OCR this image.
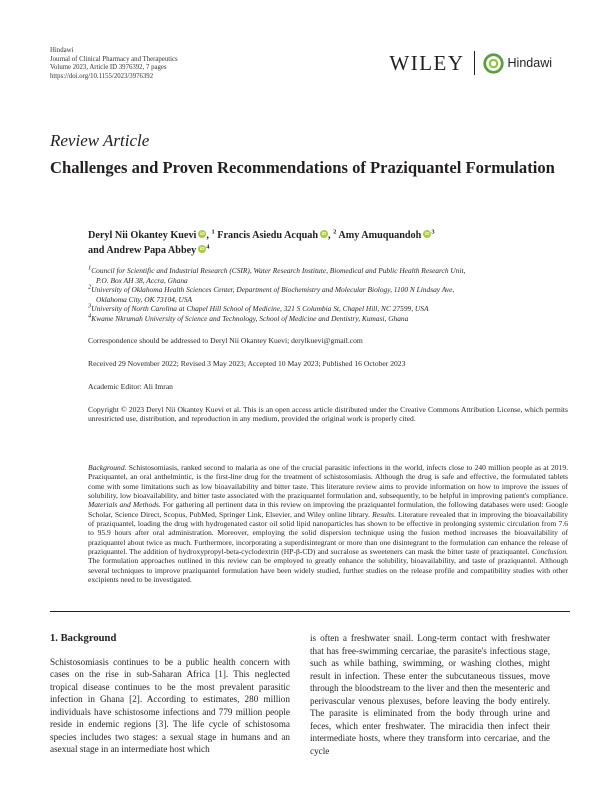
Hindawi
Journal of Clinical Pharmacy and Therapeutics
Volume 2023, Article ID 3976392, 7 pages
https://doi.org/10.1155/2023/3976392
WILEY	Hindawi
Review Article
Challenges and Proven Recommendations of Praziquantel Formulation
Deryl Nii Okantey Kuevi iD , $^1$ Francis Asiedu Acquah iD , $^2$ Amy Amuquandoh iD $^3$
and Andrew Papa Abbey iD $^4$
$^1$Council for Scientific and Industrial Research (CSIR), Water Research Institute, Biomedical and Public Health Research Unit,
P.O. Box AH 38, Accra, Ghana
$^2$University of Oklahoma Health Sciences Center, Department of Biochemistry and Molecular Biology, 1100 N Lindsay Ave,
Oklahoma City, OK 73104, USA
$^3$University of North Carolina at Chapel Hill School of Medicine, 321 S Columbia St, Chapel Hill, NC 27599, USA
$^4$Kwame Nkrumah University of Science and Technology, School of Medicine and Dentistry, Kumasi, Ghana
Correspondence should be addressed to Deryl Nii Okantey Kuevi; derylkuevi@gmail.com
Received 29 November 2022; Revised 3 May 2023; Accepted 10 May 2023; Published 16 October 2023
Academic Editor: Ali Imran
Copyright © 2023 Deryl Nii Okantey Kuevi et al. This is an open access article distributed under the Creative Commons Attribution License, which permits unrestricted use, distribution, and reproduction in any medium, provided the original work is properly cited.
Background. Schistosomiasis, ranked second to malaria as one of the crucial parasitic infections in the world, infects close to 240 million people as at 2019. Praziquantel, an oral anthelmintic, is the first-line drug for the treatment of schistosomiasis. Although the drug is safe and effective, the formulated tablets come with some limitations such as low bioavailability and bitter taste. This literature review aims to provide information on how to improve the issues of solubility, low bioavailability, and bitter taste associated with the praziquantel formulation and, subsequently, to be helpful in improving patient's compliance. Materials and Methods. For gathering all pertinent data in this review on improving the praziquantel formulation, the following databases were used: Google Scholar, Science Direct, Scopus, PubMed, Springer Link, Elsevier, and Wiley online library. Results. Literature revealed that in improving the bioavailability of praziquantel, loading the drug with hydrogenated castor oil solid lipid nanoparticles has shown to be effective in prolonging systemic circulation from 7.6 to 95.9 hours after oral administration. Moreover, employing the solid dispersion technique using the fusion method increases the bioavailability of praziquantel about twice as much. Furthermore, incorporating a superdisintegrant or more than one disintegrant to the formulation can enhance the release of praziquantel. The addition of hydroxypropyl-beta-cyclodextrin (HP-β-CD) and sucralose as sweeteners can mask the bitter taste of praziquantel. Conclusion. The formulation approaches outlined in this review can be employed to greatly enhance the solubility, bioavailability, and taste of praziquantel. Although several techniques to improve praziquantel formulation have been widely studied, further studies on the release profile and compatibility studies with other excipients need to be investigated.
1. Background

Schistosomiasis continues to be a public health concern with cases on the rise in sub-Saharan Africa [1]. This neglected tropical disease continues to be the most prevalent parasitic infection in Ghana [2]. According to estimates, 280 million individuals have schistosome infections and 779 million people reside in endemic regions [3]. The life cycle of schistosoma species includes two stages: a sexual stage in humans and an asexual stage in an intermediate host which

is often a freshwater snail. Long-term contact with freshwater that has free-swimming cercariae, the parasite's infectious stage, such as while bathing, swimming, or washing clothes, might result in infection. These enter the subcutaneous tissues, move through the bloodstream to the liver and then the mesenteric and perivascular venous plexuses, before leaving the body entirely. The parasite is eliminated from the body through urine and feces, which enter freshwater. The miracidia then infect their intermediate hosts, where they transform into cercariae, and the cycle
